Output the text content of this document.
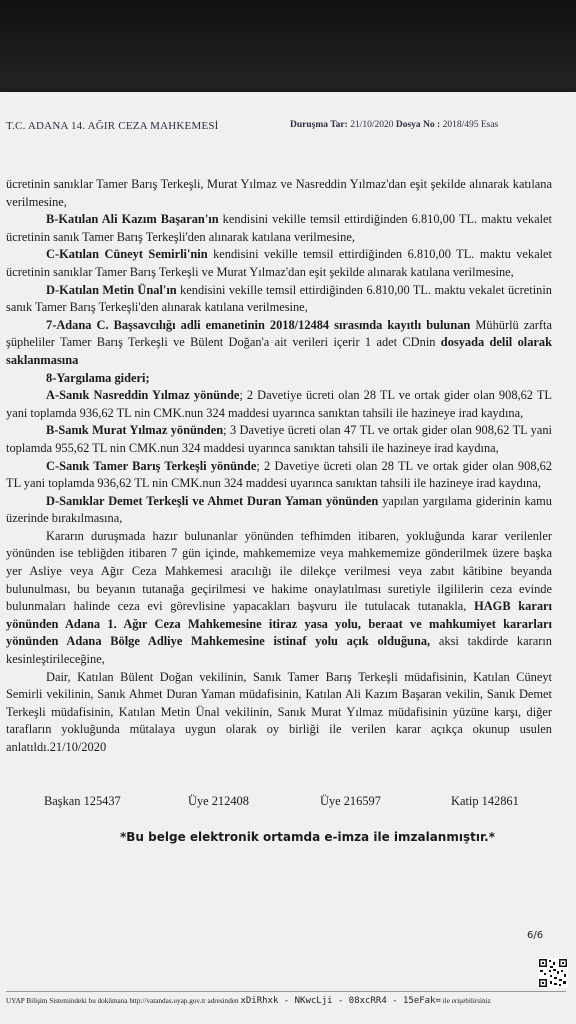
T.C. ADANA 14. AĞIR CEZA MAHKEMESİ	Duruşma Tar: 21/10/2020 Dosya No : 2018/495 Esas
ücretinin sanıklar Tamer Barış Terkeşli, Murat Yılmaz ve Nasreddin Yılmaz'dan eşit şekilde alınarak katılana verilmesine,
B-Katılan Ali Kazım Başaran'ın kendisini vekille temsil ettirdiğinden 6.810,00 TL. maktu vekalet ücretinin sanık Tamer Barış Terkeşli'den alınarak katılana verilmesine,
C-Katılan Cüneyt Semirli'nin kendisini vekille temsil ettirdiğinden 6.810,00 TL. maktu vekalet ücretinin sanıklar Tamer Barış Terkeşli ve Murat Yılmaz'dan eşit şekilde alınarak katılana verilmesine,
D-Katılan Metin Ünal'ın kendisini vekille temsil ettirdiğinden 6.810,00 TL. maktu vekalet ücretinin sanık Tamer Barış Terkeşli'den alınarak katılana verilmesine,
7-Adana C. Başsavcılığı adli emanetinin 2018/12484 sırasında kayıtlı bulunan Mühürlü zarfta şüpheliler Tamer Barış Terkeşli ve Bülent Doğan'a ait verileri içerir 1 adet CDnin dosyada delil olarak saklanmasına
8-Yargılama gideri;
A-Sanık Nasreddin Yılmaz yönünde; 2 Davetiye ücreti olan 28 TL ve ortak gider olan 908,62 TL yani toplamda 936,62 TL nin CMK.nun 324 maddesi uyarınca sanıktan tahsili ile hazineye irad kaydına,
B-Sanık Murat Yılmaz yönünden; 3 Davetiye ücreti olan 47 TL ve ortak gider olan 908,62 TL yani toplamda 955,62 TL nin CMK.nun 324 maddesi uyarınca sanıktan tahsili ile hazineye irad kaydına,
C-Sanık Tamer Barış Terkeşli yönünde; 2 Davetiye ücreti olan 28 TL ve ortak gider olan 908,62 TL yani toplamda 936,62 TL nin CMK.nun 324 maddesi uyarınca sanıktan tahsili ile hazineye irad kaydına,
D-Sanıklar Demet Terkeşli ve Ahmet Duran Yaman yönünden yapılan yargılama giderinin kamu üzerinde bırakılmasına,
Kararın duruşmada hazır bulunanlar yönünden tefhimden itibaren, yokluğunda karar verilenler yönünden ise tebliğden itibaren 7 gün içinde, mahkememize veya mahkememize gönderilmek üzere başka yer Asliye veya Ağır Ceza Mahkemesi aracılığı ile dilekçe verilmesi veya zabıt kâtibine beyanda bulunulması, bu beyanın tutanağa geçirilmesi ve hakime onaylatılması suretiyle ilgililerin ceza evinde bulunmaları halinde ceza evi görevlisine yapacakları başvuru ile tutulacak tutanakla, HAGB kararı yönünden Adana 1. Ağır Ceza Mahkemesine itiraz yasa yolu, beraat ve mahkumiyet kararları yönünden Adana Bölge Adliye Mahkemesine istinaf yolu açık olduğuna, aksi takdirde kararın kesinleştirileceğine,
Dair, Katılan Bülent Doğan vekilinin, Sanık Tamer Barış Terkeşli müdafisinin, Katılan Cüneyt Semirli vekilinin, Sanık Ahmet Duran Yaman müdafisinin, Katılan Ali Kazım Başaran vekilin, Sanık Demet Terkeşli müdafisinin, Katılan Metin Ünal vekilinin, Sanık Murat Yılmaz müdafisinin yüzüne karşı, diğer tarafların yokluğunda mütalaya uygun olarak oy birliği ile verilen karar açıkça okunup usulen anlatıldı.21/10/2020
Başkan 125437	Üye 212408	Üye 216597	Katip 142861
*Bu belge elektronik ortamda e-imza ile imzalanmıştır.*
6/6
UYAP Bilişim Sistemindeki bu dokümana http://vatandas.uyap.gov.tr adresinden xDiRhxk - NKwcLji - 08xcRR4 - 15eFak= ile erişebilirsiniz
